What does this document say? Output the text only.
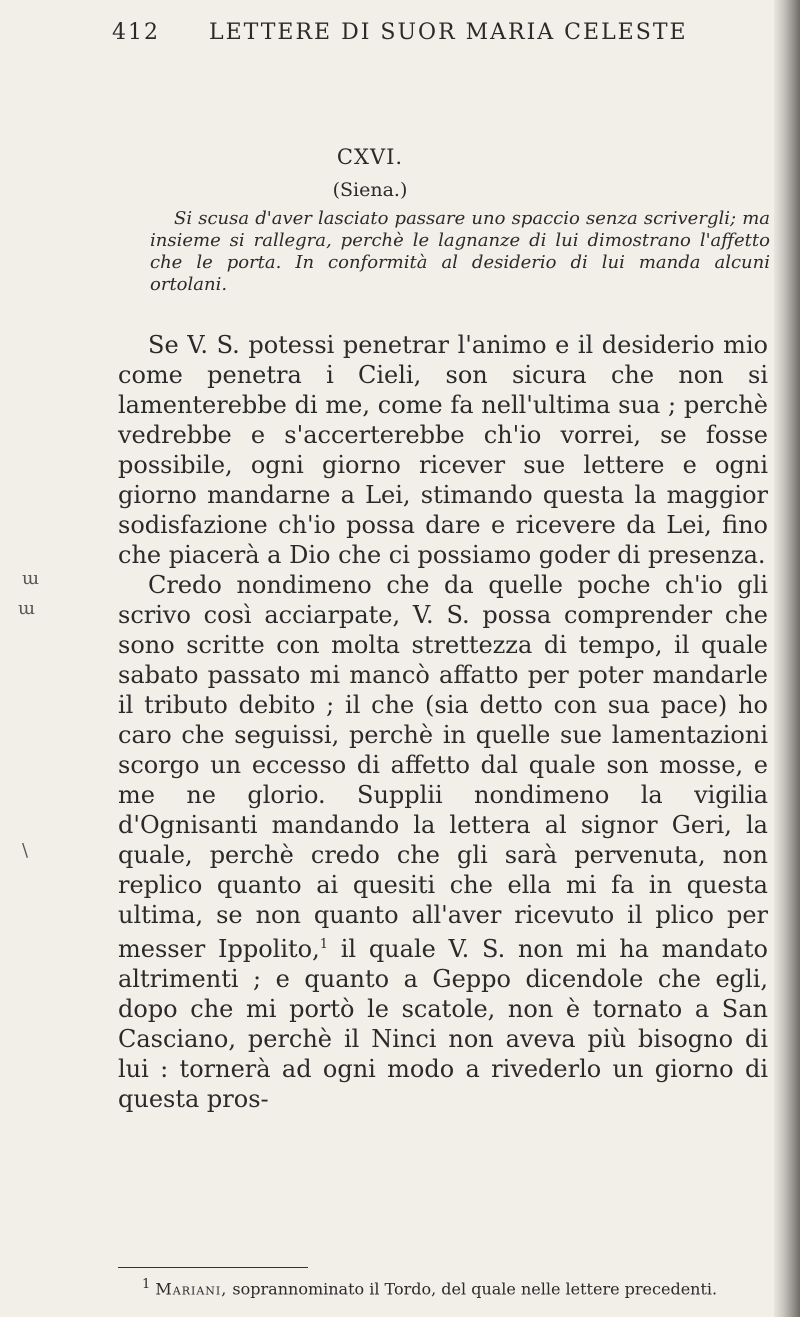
412 LETTERE DI SUOR MARIA CELESTE
CXVI.
(Siena.)
Si scusa d'aver lasciato passare uno spaccio senza scrivergli; ma insieme si rallegra, perchè le lagnanze di lui dimostrano l'affetto che le porta. In conformità al desiderio di lui manda alcuni ortolani.
ɯ
ɯ
\

Se V. S. potessi penetrar l'animo e il desiderio mio come penetra i Cieli, son sicura che non si lamenterebbe di me, come fa nell'ultima sua ; perchè vedrebbe e s'accerterebbe ch'io vorrei, se fosse possibile, ogni giorno ricever sue lettere e ogni giorno mandarne a Lei, stimando questa la maggior sodisfazione ch'io possa dare e ricevere da Lei, fino che piacerà a Dio che ci possiamo goder di presenza.

Credo nondimeno che da quelle poche ch'io gli scrivo così acciarpate, V. S. possa comprender che sono scritte con molta strettezza di tempo, il quale sabato passato mi mancò affatto per poter mandarle il tributo debito ; il che (sia detto con sua pace) ho caro che seguissi, perchè in quelle sue lamentazioni scorgo un eccesso di affetto dal quale son mosse, e me ne glorio. Supplii nondimeno la vigilia d'Ognisanti mandando la lettera al signor Geri, la quale, perchè credo che gli sarà pervenuta, non replico quanto ai quesiti che ella mi fa in questa ultima, se non quanto all'aver ricevuto il plico per messer Ippolito,$^1$ il quale V. S. non mi ha mandato altrimenti ; e quanto a Geppo dicendole che egli, dopo che mi portò le scatole, non è tornato a San Casciano, perchè il Ninci non aveva più bisogno di lui : tornerà ad ogni modo a rivederlo un giorno di questa pros-

$^1$ Mariani, soprannominato il Tordo, del quale nelle lettere precedenti.
